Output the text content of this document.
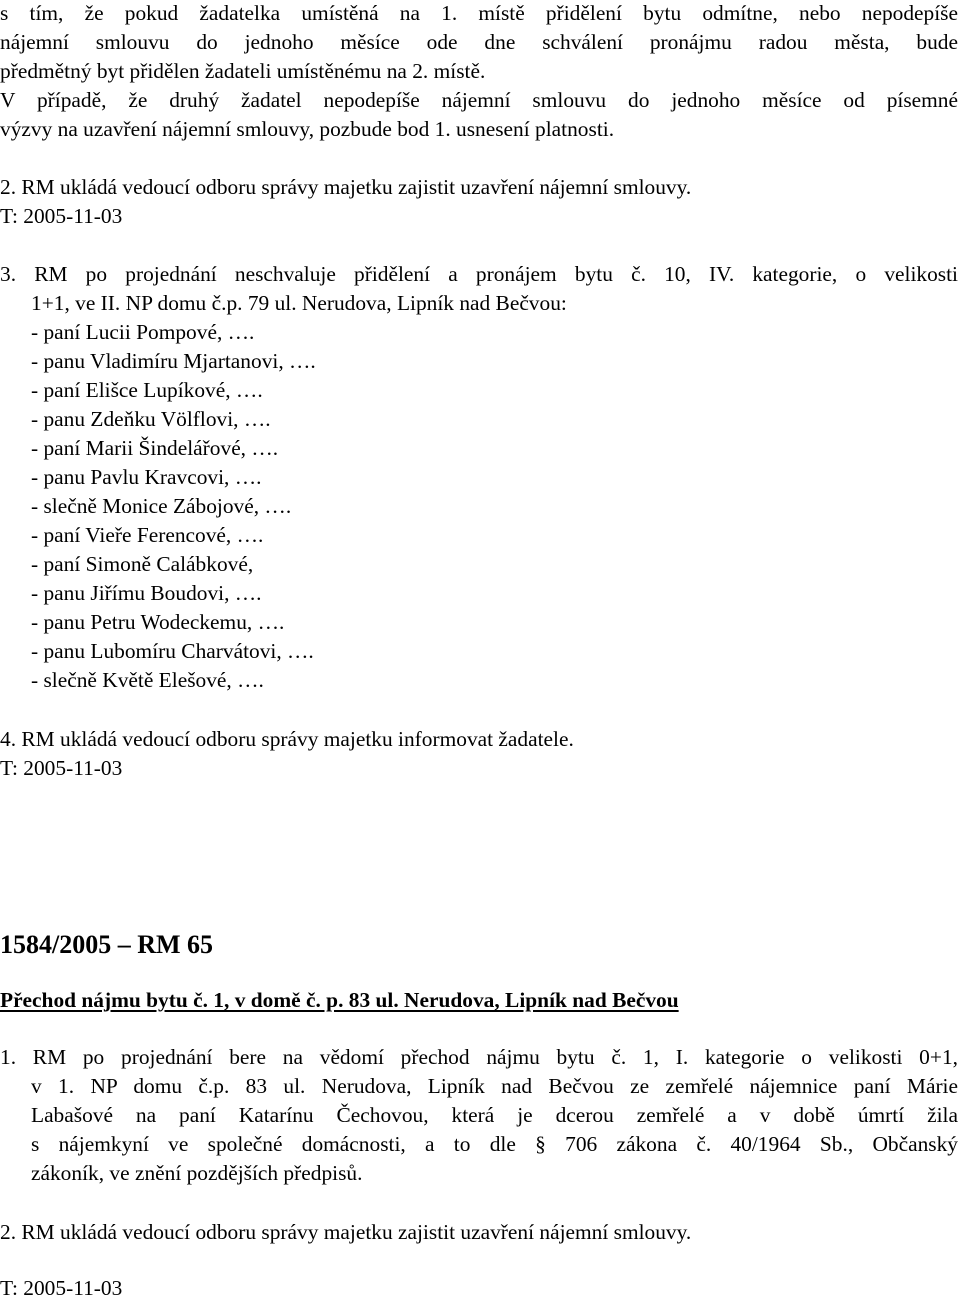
s tím, že pokud žadatelka umístěná na 1. místě přidělení bytu odmítne, nebo nepodepíše
nájemní smlouvu do jednoho měsíce ode dne schválení pronájmu radou města, bude
předmětný byt přidělen žadateli umístěnému na 2. místě.
V případě, že druhý žadatel nepodepíše nájemní smlouvu do jednoho měsíce od písemné
výzvy na uzavření nájemní smlouvy, pozbude bod 1. usnesení platnosti.
2. RM ukládá vedoucí odboru správy majetku zajistit uzavření nájemní smlouvy.
T: 2005-11-03
3. RM po projednání neschvaluje přidělení a pronájem bytu č. 10, IV. kategorie, o velikosti
1+1, ve II. NP domu č.p. 79 ul. Nerudova, Lipník nad Bečvou:
- paní Lucii Pompové, ….
- panu Vladimíru Mjartanovi, ….
- paní Elišce Lupíkové, ….
- panu Zdeňku Völflovi, ….
- paní Marii Šindelářové, ….
- panu Pavlu Kravcovi, ….
- slečně Monice Zábojové, ….
- paní Vieře Ferencové, ….
- paní Simoně Calábkové,
- panu Jiřímu Boudovi, ….
- panu Petru Wodeckemu, ….
- panu Lubomíru Charvátovi, ….
- slečně Květě Elešové, ….
4. RM ukládá vedoucí odboru správy majetku informovat žadatele.
T: 2005-11-03
1584/2005 – RM 65
Přechod nájmu bytu č. 1, v domě č. p. 83 ul. Nerudova, Lipník nad Bečvou
1. RM po projednání bere na vědomí přechod nájmu bytu č. 1, I. kategorie o velikosti 0+1,
v 1. NP domu č.p. 83 ul. Nerudova, Lipník nad Bečvou ze zemřelé nájemnice paní Márie
Labašové na paní Katarínu Čechovou, která je dcerou zemřelé a v době úmrtí žila
s nájemkyní ve společné domácnosti, a to dle § 706 zákona č. 40/1964 Sb., Občanský
zákoník, ve znění pozdějších předpisů.
2. RM ukládá vedoucí odboru správy majetku zajistit uzavření nájemní smlouvy.
T: 2005-11-03
